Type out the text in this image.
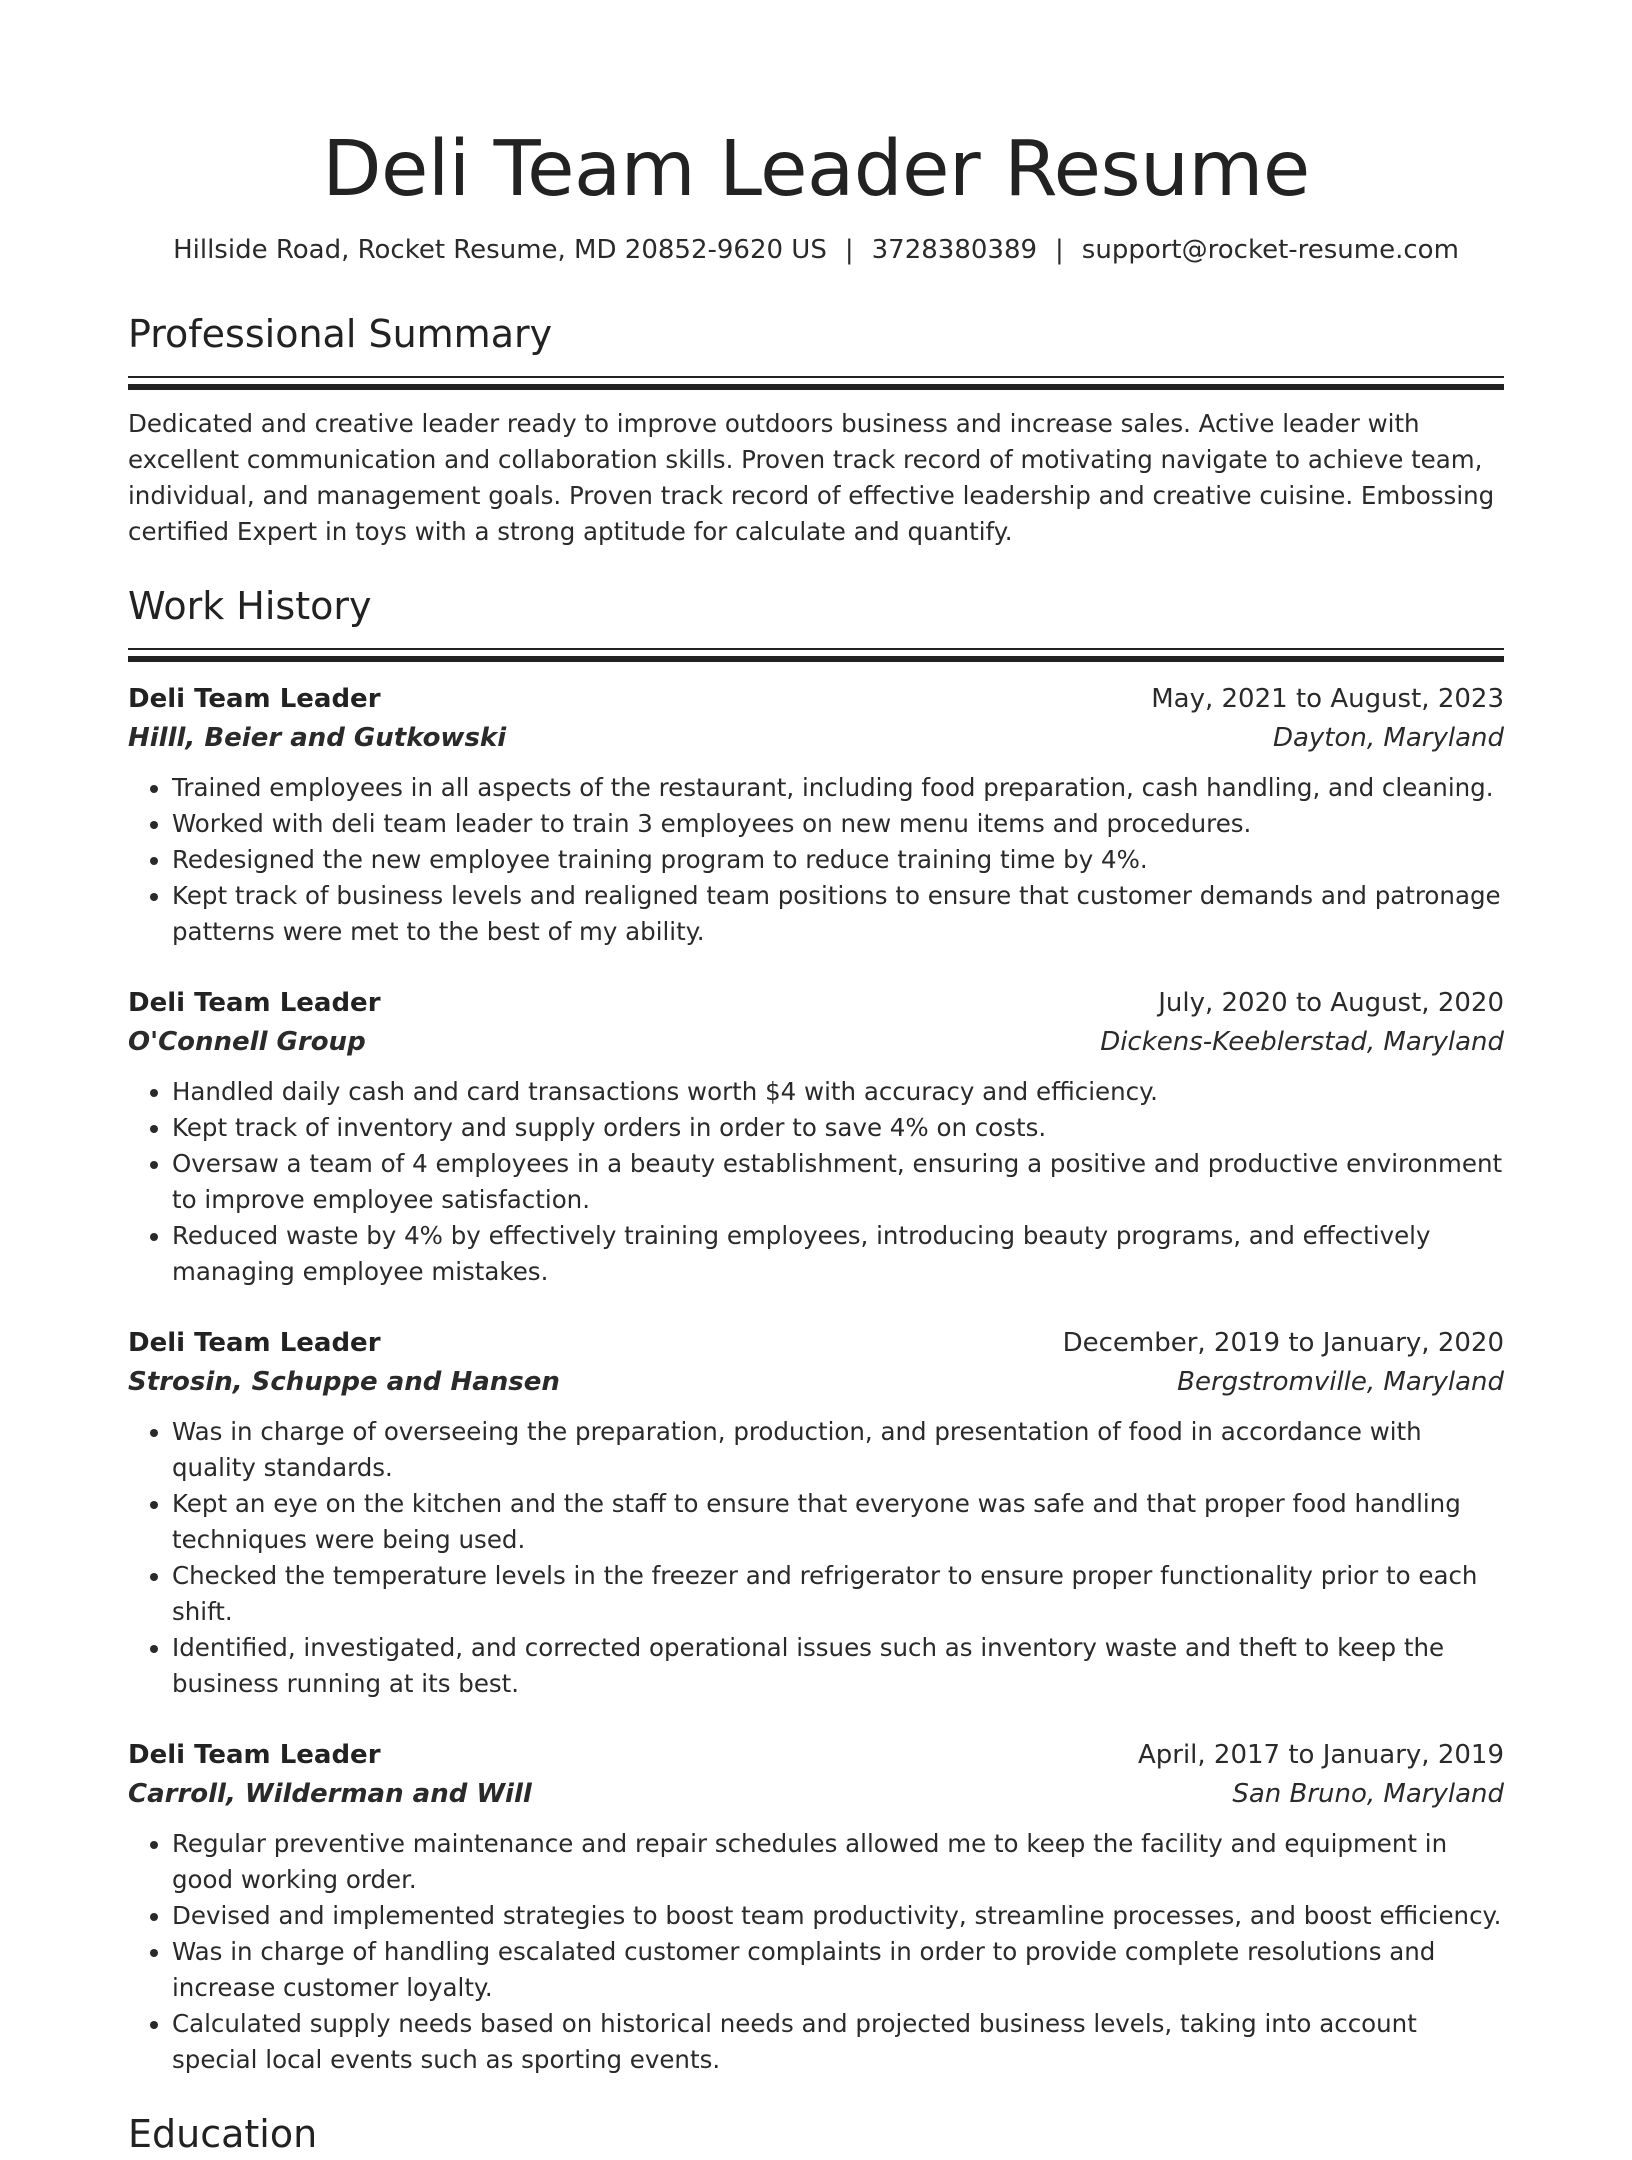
Deli Team Leader Resume
Hillside Road, Rocket Resume, MD 20852-9620 US | 3728380389 | support@rocket-resume.com
Professional Summary

Dedicated and creative leader ready to improve outdoors business and increase sales. Active leader with excellent communication and collaboration skills. Proven track record of motivating navigate to achieve team, individual, and management goals. Proven track record of effective leadership and creative cuisine. Embossing certified Expert in toys with a strong aptitude for calculate and quantify.

Work History
Deli Team Leader	May, 2021 to August, 2023
Hilll, Beier and Gutkowski	Dayton, Maryland
• Trained employees in all aspects of the restaurant, including food preparation, cash handling, and cleaning.
• Worked with deli team leader to train 3 employees on new menu items and procedures.
• Redesigned the new employee training program to reduce training time by 4%.
• Kept track of business levels and realigned team positions to ensure that customer demands and patronage patterns were met to the best of my ability.
Deli Team Leader	July, 2020 to August, 2020
O'Connell Group	Dickens-Keeblerstad, Maryland
• Handled daily cash and card transactions worth $4 with accuracy and efficiency.
• Kept track of inventory and supply orders in order to save 4% on costs.
• Oversaw a team of 4 employees in a beauty establishment, ensuring a positive and productive environment to improve employee satisfaction.
• Reduced waste by 4% by effectively training employees, introducing beauty programs, and effectively managing employee mistakes.
Deli Team Leader	December, 2019 to January, 2020
Strosin, Schuppe and Hansen	Bergstromville, Maryland
• Was in charge of overseeing the preparation, production, and presentation of food in accordance with quality standards.
• Kept an eye on the kitchen and the staff to ensure that everyone was safe and that proper food handling techniques were being used.
• Checked the temperature levels in the freezer and refrigerator to ensure proper functionality prior to each shift.
• Identified, investigated, and corrected operational issues such as inventory waste and theft to keep the business running at its best.
Deli Team Leader	April, 2017 to January, 2019
Carroll, Wilderman and Will	San Bruno, Maryland
• Regular preventive maintenance and repair schedules allowed me to keep the facility and equipment in good working order.
• Devised and implemented strategies to boost team productivity, streamline processes, and boost efficiency.
• Was in charge of handling escalated customer complaints in order to provide complete resolutions and increase customer loyalty.
• Calculated supply needs based on historical needs and projected business levels, taking into account special local events such as sporting events.
Education
